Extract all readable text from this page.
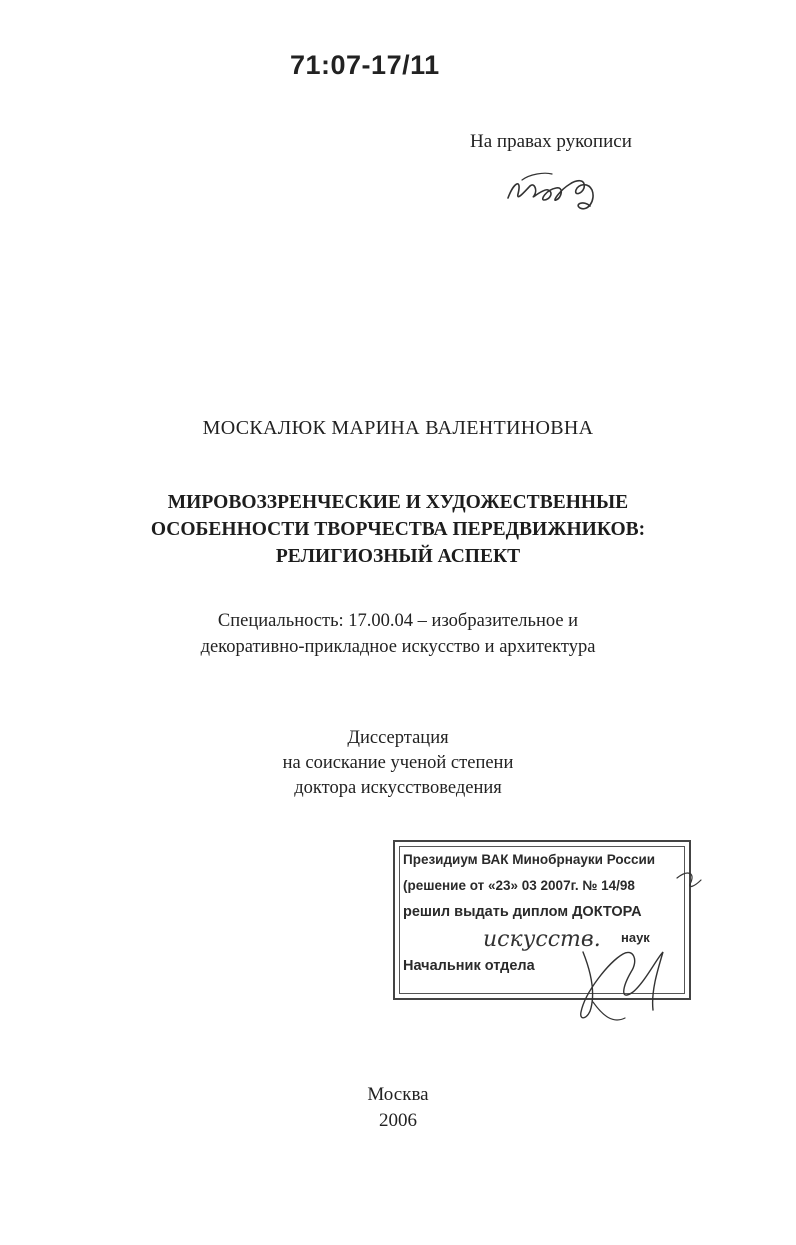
71:07-17/11
На правах рукописи
МОСКАЛЮК МАРИНА ВАЛЕНТИНОВНА
МИРОВОЗЗРЕНЧЕСКИЕ И ХУДОЖЕСТВЕННЫЕ
ОСОБЕННОСТИ ТВОРЧЕСТВА ПЕРЕДВИЖНИКОВ:
РЕЛИГИОЗНЫЙ АСПЕКТ
Специальность: 17.00.04 – изобразительное и
декоративно-прикладное искусство и архитектура
Диссертация
на соискание ученой степени
доктора искусствоведения
Президиум ВАК Минобрнауки России
(решение от «23» 03 2007г. № 14/98
решил выдать диплом ДОКТОРА
наук
Начальник отдела
искусств.
Москва
2006
